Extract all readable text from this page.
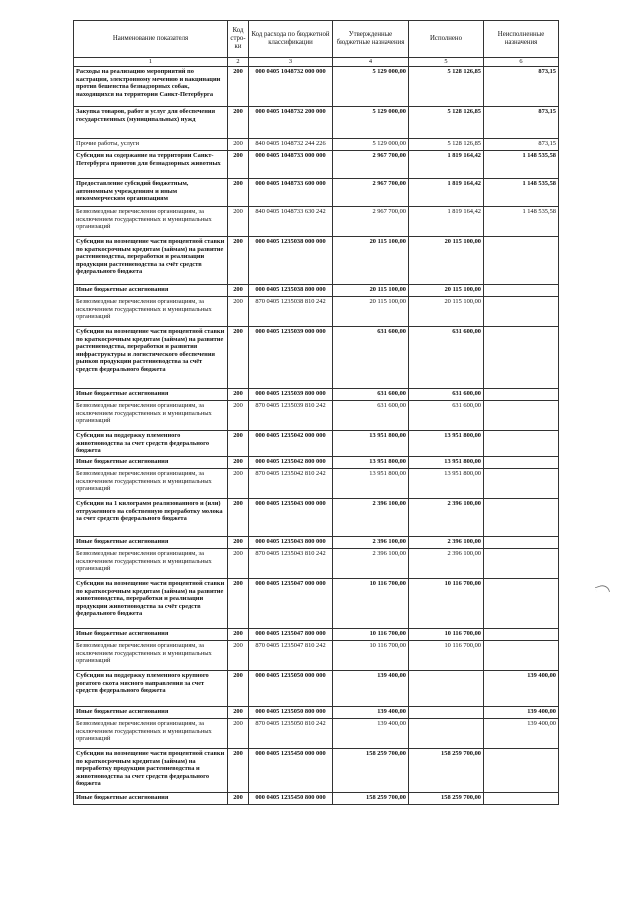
Наименование показателя	Код стро-ки	Код расхода по бюджетной классификации	Утвержденные бюджетные назначения	Исполнено	Неисполненные назначения
1	2	3	4	5	6
Расходы на реализацию мероприятий по кастрации, электронному мечению и вакцинации против бешенства безнадзорных собак, находящихся на территории Санкт-Петербурга	200	000 0405 1048732 000 000	5 129 000,00	5 128 126,85	873,15
Закупка товаров, работ и услуг для обеспечения государственных (муниципальных) нужд	200	000 0405 1048732 200 000	5 129 000,00	5 128 126,85	873,15
Прочие работы, услуги	200	840 0405 1048732 244 226	5 129 000,00	5 128 126,85	873,15
Субсидии на содержание на территории Санкт-Петербурга приютов для безнадзорных животных	200	000 0405 1048733 000 000	2 967 700,00	1 819 164,42	1 148 535,58
Предоставление субсидий бюджетным, автономным учреждениям и иным некоммерческим организациям	200	000 0405 1048733 600 000	2 967 700,00	1 819 164,42	1 148 535,58
Безвозмездные перечисления организациям, за исключением государственных и муниципальных организаций	200	840 0405 1048733 630 242	2 967 700,00	1 819 164,42	1 148 535,58
Субсидии на возмещение части процентной ставки по краткосрочным кредитам (займам) на развитие растениеводства, переработки и реализации продукции растениеводства за счёт средств федерального бюджета	200	000 0405 1235038 000 000	20 115 100,00	20 115 100,00	
Иные бюджетные ассигнования	200	000 0405 1235038 800 000	20 115 100,00	20 115 100,00	
Безвозмездные перечисления организациям, за исключением государственных и муниципальных организаций	200	870 0405 1235038 810 242	20 115 100,00	20 115 100,00	
Субсидии на возмещение части процентной ставки по краткосрочным кредитам (займам) на развитие растениеводства, переработки и развития инфраструктуры и логистического обеспечения рынков продукции растениеводства за счёт средств федерального бюджета	200	000 0405 1235039 000 000	631 600,00	631 600,00	
Иные бюджетные ассигнования	200	000 0405 1235039 800 000	631 600,00	631 600,00	
Безвозмездные перечисления организациям, за исключением государственных и муниципальных организаций	200	870 0405 1235039 810 242	631 600,00	631 600,00	
Субсидии на поддержку племенного животноводства за счет средств федерального бюджета	200	000 0405 1235042 000 000	13 951 800,00	13 951 800,00	
Иные бюджетные ассигнования	200	000 0405 1235042 800 000	13 951 800,00	13 951 800,00	
Безвозмездные перечисления организациям, за исключением государственных и муниципальных организаций	200	870 0405 1235042 810 242	13 951 800,00	13 951 800,00	
Субсидии на 1 килограмм реализованного и (или) отгруженного на собственную переработку молока за счет средств федерального бюджета	200	000 0405 1235043 000 000	2 396 100,00	2 396 100,00	
Иные бюджетные ассигнования	200	000 0405 1235043 800 000	2 396 100,00	2 396 100,00	
Безвозмездные перечисления организациям, за исключением государственных и муниципальных организаций	200	870 0405 1235043 810 242	2 396 100,00	2 396 100,00	
Субсидии на возмещение части процентной ставки по краткосрочным кредитам (займам) на развитие животноводства, переработки и реализации продукции животноводства за счёт средств федерального бюджета	200	000 0405 1235047 000 000	10 116 700,00	10 116 700,00	
Иные бюджетные ассигнования	200	000 0405 1235047 800 000	10 116 700,00	10 116 700,00	
Безвозмездные перечисления организациям, за исключением государственных и муниципальных организаций	200	870 0405 1235047 810 242	10 116 700,00	10 116 700,00	
Субсидии на поддержку племенного крупного рогатого скота мясного направления за счет средств федерального бюджета	200	000 0405 1235050 000 000	139 400,00		139 400,00
Иные бюджетные ассигнования	200	000 0405 1235050 800 000	139 400,00		139 400,00
Безвозмездные перечисления организациям, за исключением государственных и муниципальных организаций	200	870 0405 1235050 810 242	139 400,00		139 400,00
Субсидии на возмещение части процентной ставки по краткосрочным кредитам (займам) на переработку продукции растениеводства и животноводства за счет средств федерального бюджета	200	000 0405 1235450 000 000	158 259 700,00	158 259 700,00	
Иные бюджетные ассигнования	200	000 0405 1235450 800 000	158 259 700,00	158 259 700,00	
